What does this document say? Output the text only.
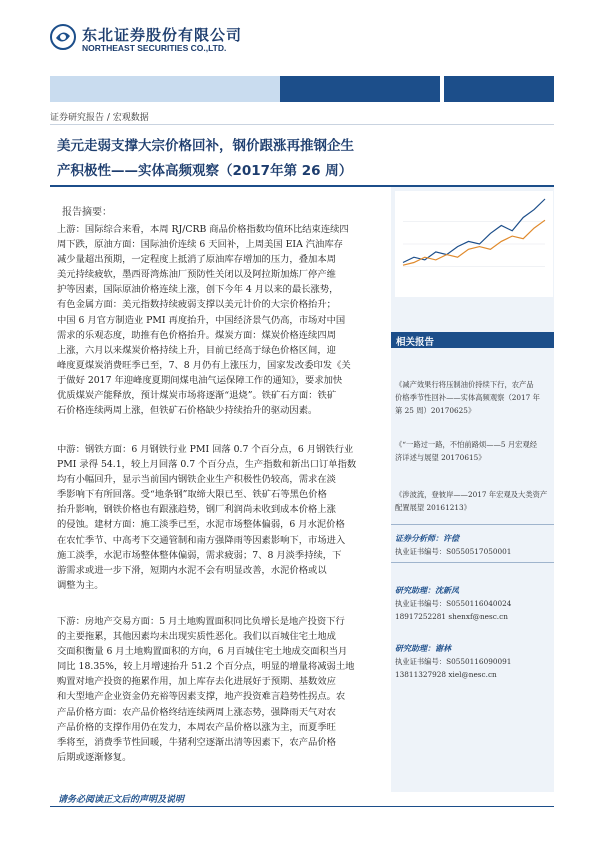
东北证券股份有限公司
NORTHEAST SECURITIES CO.,LTD.
证券研究报告	发布时间：2017-7-3
证券研究报告 / 宏观数据
美元走弱支撑大宗价格回补，钢价跟涨再推钢企生
产积极性——实体高频观察（2017年第 26 周）
报告摘要：
上游：国际综合来看，本周 RJ/CRB 商品价格指数均值环比结束连续四
周下跌，原油方面：国际油价连续 6 天回补，上周美国 EIA 汽油库存
减少量超出预期，一定程度上抵消了原油库存增加的压力，叠加本周
美元持续疲软，墨西哥湾炼油厂预防性关闭以及阿拉斯加炼厂停产维
护等因素，国际原油价格连续上涨，创下今年 4 月以来的最长涨势，
有色金属方面：美元指数持续疲弱支撑以美元计价的大宗价格抬升；
中国 6 月官方制造业 PMI 再度抬升，中国经济景气仍高，市场对中国
需求的乐观态度，助推有色价格抬升。煤炭方面：煤炭价格连续四周
上涨，六月以来煤炭价格持续上升，目前已经高于绿色价格区间，迎
峰度夏煤炭消费旺季已至，7、8 月仍有上涨压力，国家发改委印发《关
于做好 2017 年迎峰度夏期间煤电油气运保障工作的通知》，要求加快
优质煤炭产能释放，预计煤炭市场将逐渐“退烧”。铁矿石方面：铁矿
石价格连续两周上涨，但铁矿石价格缺少持续抬升的驱动因素。
中游：钢铁方面：6 月钢铁行业 PMI 回落 0.7 个百分点，6 月钢铁行业
PMI 录得 54.1，较上月回落 0.7 个百分点，生产指数和新出口订单指数
均有小幅回升，显示当前国内钢铁企业生产积极性仍较高，需求在淡
季影响下有所回落。受“地条钢”取缔大限已至、铁矿石等黑色价格
抬升影响，钢铁价格也有跟涨趋势，钢厂利润尚未收到成本价格上涨
的侵蚀。建材方面：施工淡季已至，水泥市场整体偏弱，6 月水泥价格
在农忙季节、中高考下交通管制和南方强降雨等因素影响下，市场进入
施工淡季，水泥市场整体整体偏弱，需求疲弱；7、8 月淡季持续，下
游需求或进一步下滑，短期内水泥不会有明显改善，水泥价格或以
调整为主。
下游：房地产交易方面：5 月土地购置面积同比负增长是地产投资下行
的主要拖累，其他因素均未出现实质性恶化。我们以百城住宅土地成
交面积衡量 6 月土地购置面积的方向，6 月百城住宅土地成交面积当月
同比 18.35%，较上月增速抬升 51.2 个百分点，明显的增量将减弱土地
购置对地产投资的拖累作用，加上库存去化进展好于预期、基数效应
和大型地产企业资金仍充裕等因素支撑，地产投资难言趋势性拐点。农
产品价格方面：农产品价格终结连续两周上涨态势，强降雨天气对农
产品价格的支撑作用仍在发力，本周农产品价格以涨为主，而夏季旺
季将至，消费季节性回暖，牛猪利空逐渐出清等因素下，农产品价格
后期或逐渐修复。
相关报告
《减产效果行将压制油价持续下行，农产品
价格季节性回补——实体高频观察（2017 年
第 25 周）20170625》
《“一路过一路，不怕前路烦——5 月宏观经
济详述与展望 20170615》
《涉波流，登彼岸——2017 年宏观及大类资产
配置展望 20161213》
证券分析师：许偿
执业证书编号：S0550517050001
研究助理：沈新凤
执业证书编号：S0550116040024
18917252281 shenxf@nesc.cn
研究助理：谢林
执业证书编号：S0550116090091
13811327928 xiel@nesc.cn
请务必阅读正文后的声明及说明
